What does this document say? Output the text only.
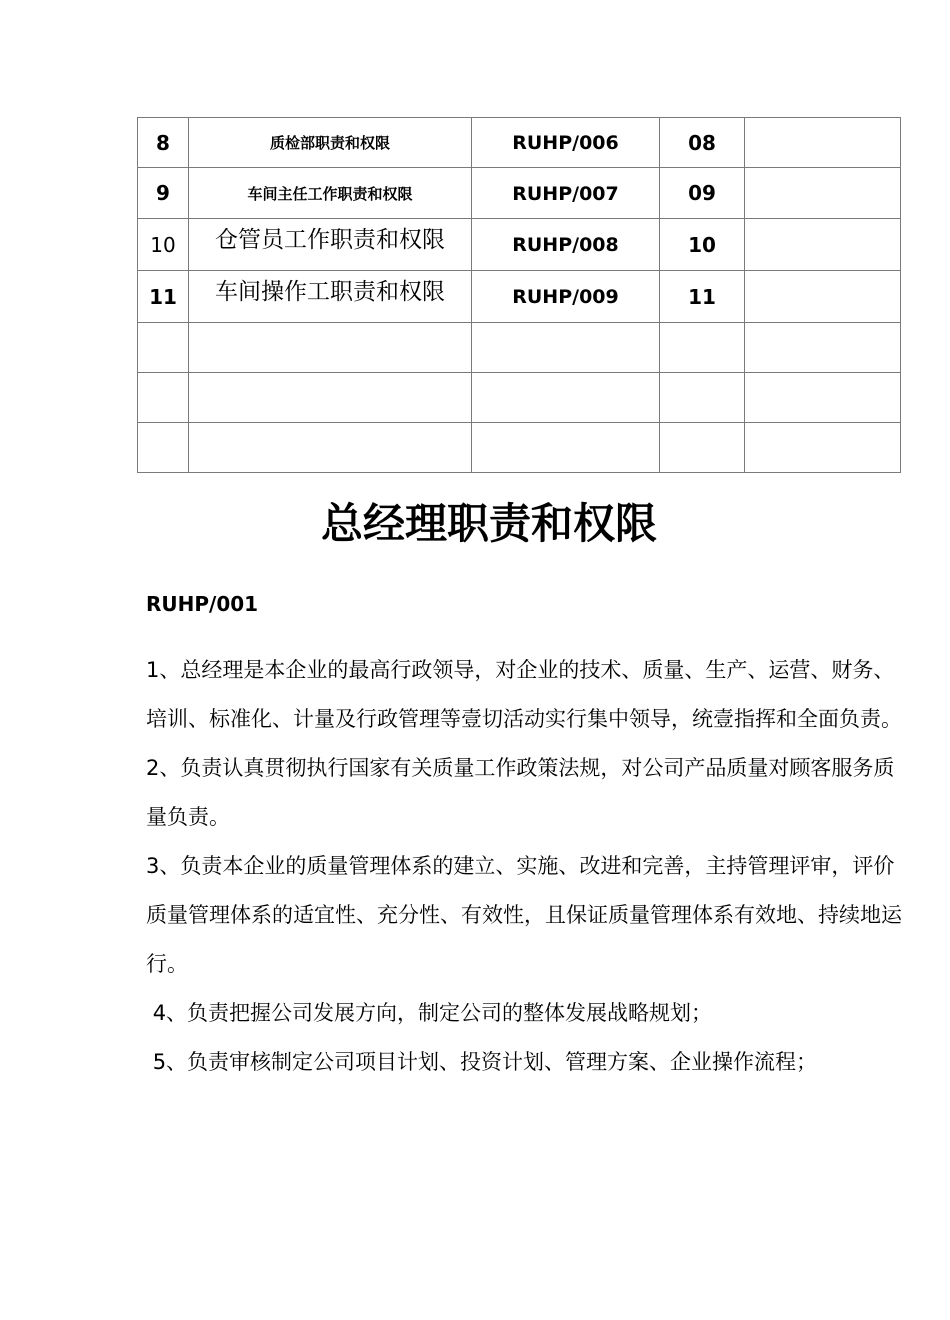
8	质检部职责和权限	RUHP/006	08	
9	车间主任工作职责和权限	RUHP/007	09	
10	仓管员工作职责和权限	RUHP/008	10	
11	车间操作工职责和权限	RUHP/009	11	

总经理职责和权限
RUHP/001

1、总经理是本企业的最高行政领导，对企业的技术、质量、生产、运营、财务、培训、标准化、计量及行政管理等壹切活动实行集中领导，统壹指挥和全面负责。

2、负责认真贯彻执行国家有关质量工作政策法规，对公司产品质量对顾客服务质量负责。

3、负责本企业的质量管理体系的建立、实施、改进和完善，主持管理评审，评价质量管理体系的适宜性、充分性、有效性，且保证质量管理体系有效地、持续地运行。

4、负责把握公司发展方向，制定公司的整体发展战略规划；

5、负责审核制定公司项目计划、投资计划、管理方案、企业操作流程；
